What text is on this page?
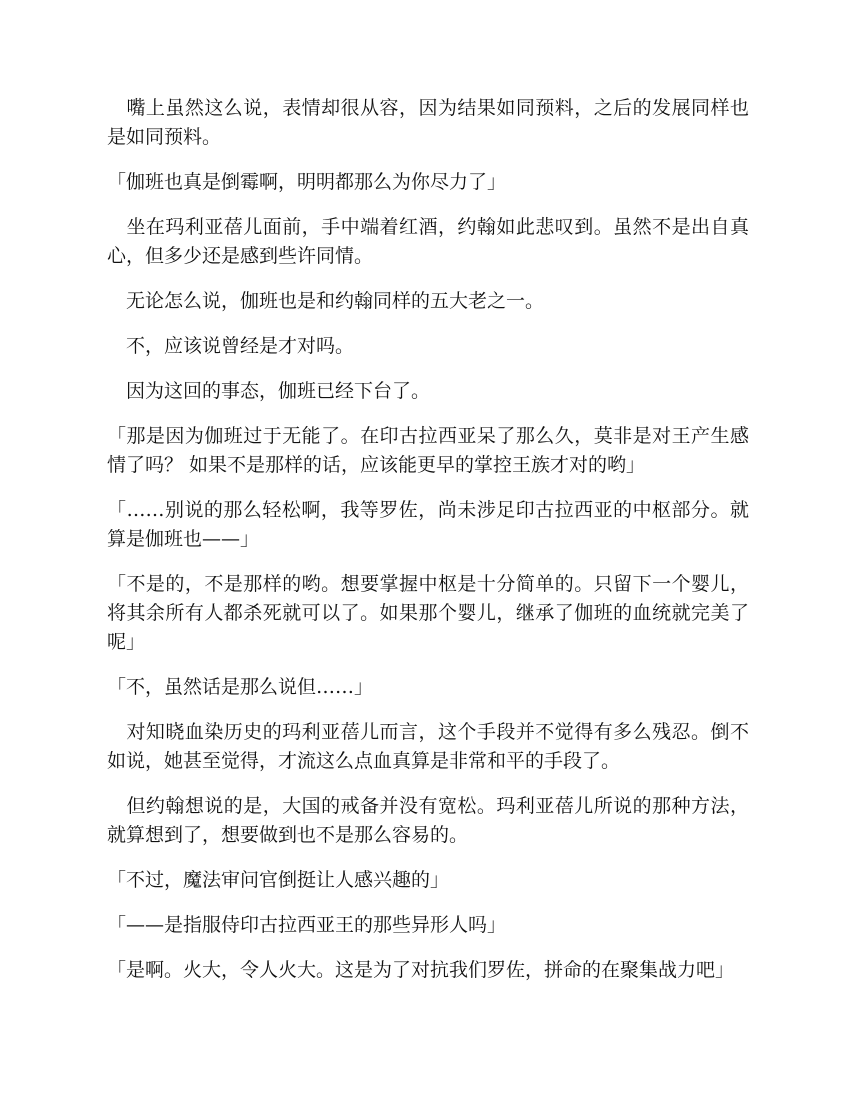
　嘴上虽然这么说，表情却很从容，因为结果如同预料，之后的发展同样也是如同预料。

「伽班也真是倒霉啊，明明都那么为你尽力了」

　坐在玛利亚蓓儿面前，手中端着红酒，约翰如此悲叹到。虽然不是出自真心，但多少还是感到些许同情。

　无论怎么说，伽班也是和约翰同样的五大老之一。

　不，应该说曾经是才对吗。

　因为这回的事态，伽班已经下台了。

「那是因为伽班过于无能了。在印古拉西亚呆了那么久，莫非是对王产生感情了吗？ 如果不是那样的话，应该能更早的掌控王族才对的哟」

「……别说的那么轻松啊，我等罗佐，尚未涉足印古拉西亚的中枢部分。就算是伽班也——」

「不是的，不是那样的哟。想要掌握中枢是十分简单的。只留下一个婴儿，将其余所有人都杀死就可以了。如果那个婴儿，继承了伽班的血统就完美了呢」

「不，虽然话是那么说但……」

　对知晓血染历史的玛利亚蓓儿而言，这个手段并不觉得有多么残忍。倒不如说，她甚至觉得，才流这么点血真算是非常和平的手段了。

　但约翰想说的是，大国的戒备并没有宽松。玛利亚蓓儿所说的那种方法，就算想到了，想要做到也不是那么容易的。

「不过，魔法审问官倒挺让人感兴趣的」

「——是指服侍印古拉西亚王的那些异形人吗」

「是啊。火大，令人火大。这是为了对抗我们罗佐，拼命的在聚集战力吧」
